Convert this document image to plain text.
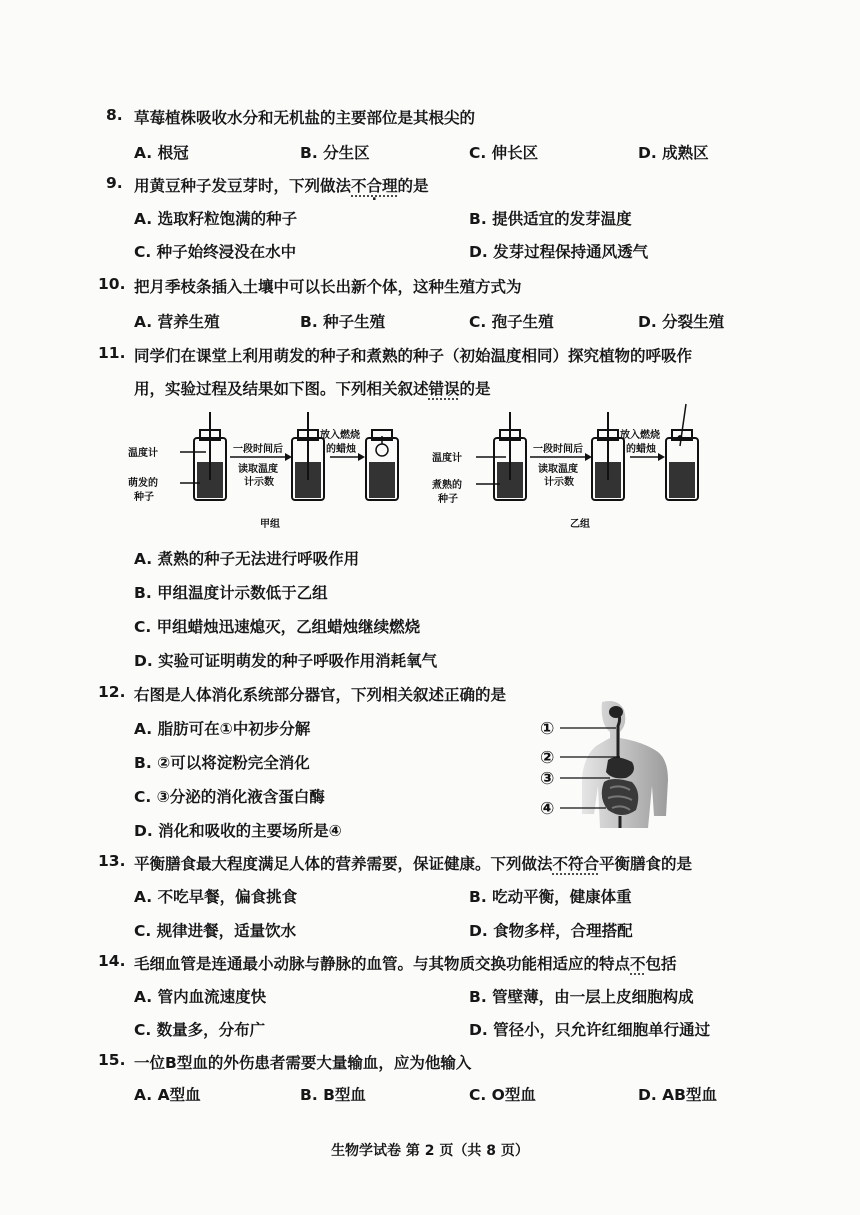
8. 草莓植株吸收水分和无机盐的主要部位是其根尖的
A. 根冠	B. 分生区	C. 伸长区	D. 成熟区
9. 用黄豆种子发豆芽时，下列做法不合理的是
A. 选取籽粒饱满的种子	B. 提供适宜的发芽温度
C. 种子始终浸没在水中	D. 发芽过程保持通风透气
10. 把月季枝条插入土壤中可以长出新个体，这种生殖方式为
A. 营养生殖	B. 种子生殖	C. 孢子生殖	D. 分裂生殖
11. 同学们在课堂上利用萌发的种子和煮熟的种子（初始温度相同）探究植物的呼吸作
用，实验过程及结果如下图。下列相关叙述错误的是
温度计
萌发的
种子
一段时间后
读取温度
计示数
放入燃烧
的蜡烛
甲组
温度计
煮熟的
种子
一段时间后
读取温度
计示数
放入燃烧
的蜡烛
乙组
A. 煮熟的种子无法进行呼吸作用
B. 甲组温度计示数低于乙组
C. 甲组蜡烛迅速熄灭，乙组蜡烛继续燃烧
D. 实验可证明萌发的种子呼吸作用消耗氧气
12. 右图是人体消化系统部分器官，下列相关叙述正确的是
A. 脂肪可在①中初步分解
B. ②可以将淀粉完全消化
C. ③分泌的消化液含蛋白酶
D. 消化和吸收的主要场所是④
①
②
③
④
13. 平衡膳食最大程度满足人体的营养需要，保证健康。下列做法不符合平衡膳食的是
A. 不吃早餐，偏食挑食	B. 吃动平衡，健康体重
C. 规律进餐，适量饮水	D. 食物多样，合理搭配
14. 毛细血管是连通最小动脉与静脉的血管。与其物质交换功能相适应的特点不包括
A. 管内血流速度快	B. 管壁薄，由一层上皮细胞构成
C. 数量多，分布广	D. 管径小，只允许红细胞单行通过
15. 一位B型血的外伤患者需要大量输血，应为他输入
A. A型血	B. B型血	C. O型血	D. AB型血
生物学试卷 第 2 页（共 8 页）
